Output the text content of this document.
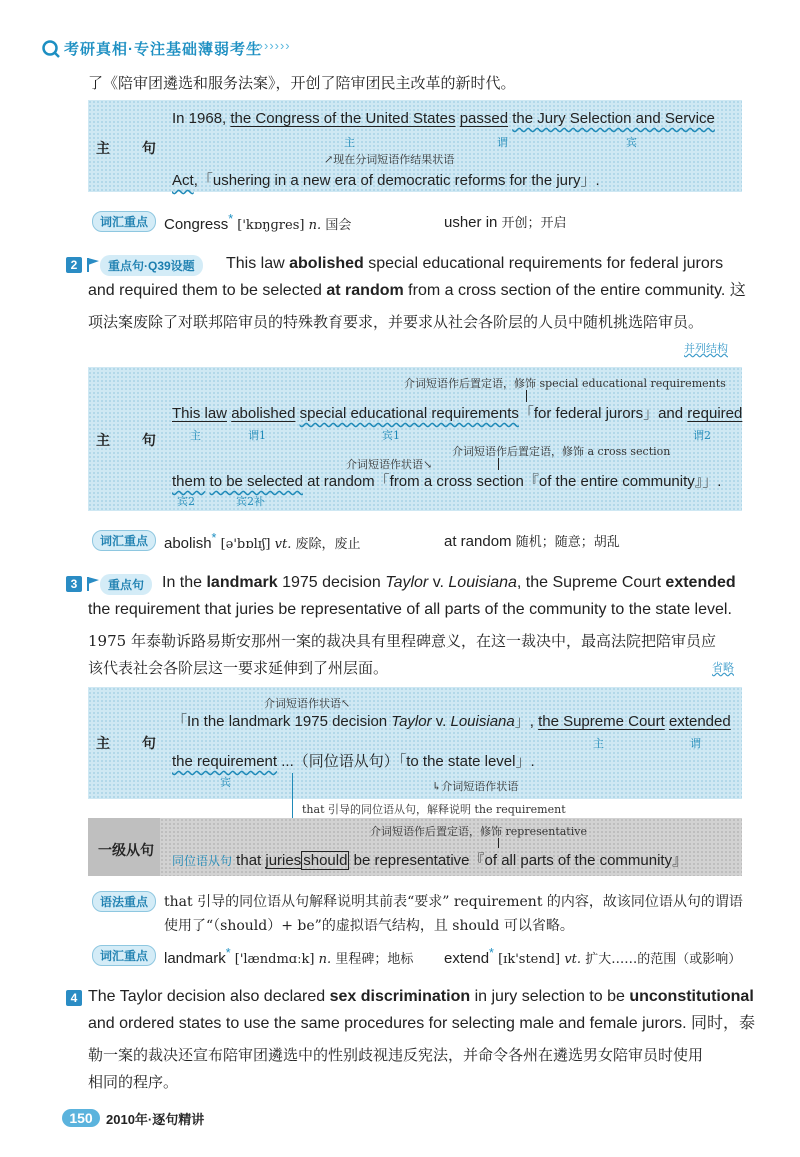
考研真相·专注基础薄弱考生
››››››››
了《陪审团遴选和服务法案》，开创了陪审团民主改革的新时代。
主 句
In 1968, the Congress of the United States passed the Jury Selection and Service
主	谓	宾
↗现在分词短语作结果状语
Act,「ushering in a new era of democratic reforms for the jury」.
词汇重点	Congress* ['kɒŋɡres] n. 国会	usher in 开创；开启
2	重点句·Q39设题	This law abolished special educational requirements for federal jurors
and required them to be selected at random from a cross section of the entire community. 这
项法案废除了对联邦陪审员的特殊教育要求，并要求从社会各阶层的人员中随机挑选陪审员。
并列结构
主 句
介词短语作后置定语，修饰 special educational requirements
This law abolished special educational requirements「for federal jurors」and required
主	谓1	宾1	谓2
介词短语作后置定语，修饰 a cross section
介词短语作状语↘
them to be selected at random「from a cross section『of the entire community』」.
宾2	宾2补
词汇重点	abolish* [ə'bɒlɪʃ] vt. 废除，废止	at random 随机；随意；胡乱
3	重点句	In the landmark 1975 decision Taylor v. Louisiana, the Supreme Court extended
the requirement that juries be representative of all parts of the community to the state level.
1975 年泰勒诉路易斯安那州一案的裁决具有里程碑意义，在这一裁决中，最高法院把陪审员应
该代表社会各阶层这一要求延伸到了州层面。	省略
主 句
介词短语作状语↖
「In the landmark 1975 decision Taylor v. Louisiana」, the Supreme Court extended
主	谓
the requirement ...（同位语从句）「to the state level」.
宾	↳介词短语作状语
that 引导的同位语从句，解释说明 the requirement
一级从句
介词短语作后置定语，修饰 representative
同位语从句 that juries should be representative『of all parts of the community』
语法重点	that 引导的同位语从句解释说明其前表“要求” requirement 的内容，故该同位语从句的谓语
使用了“（should）+ be”的虚拟语气结构，且 should 可以省略。
词汇重点	landmark* ['lændmɑːk] n. 里程碑；地标 extend* [ɪk'stend] vt. 扩大……的范围（或影响）
4 The Taylor decision also declared sex discrimination in jury selection to be unconstitutional
and ordered states to use the same procedures for selecting male and female jurors. 同时，泰
勒一案的裁决还宣布陪审团遴选中的性别歧视违反宪法，并命令各州在遴选男女陪审员时使用
相同的程序。
150	2010年·逐句精讲
